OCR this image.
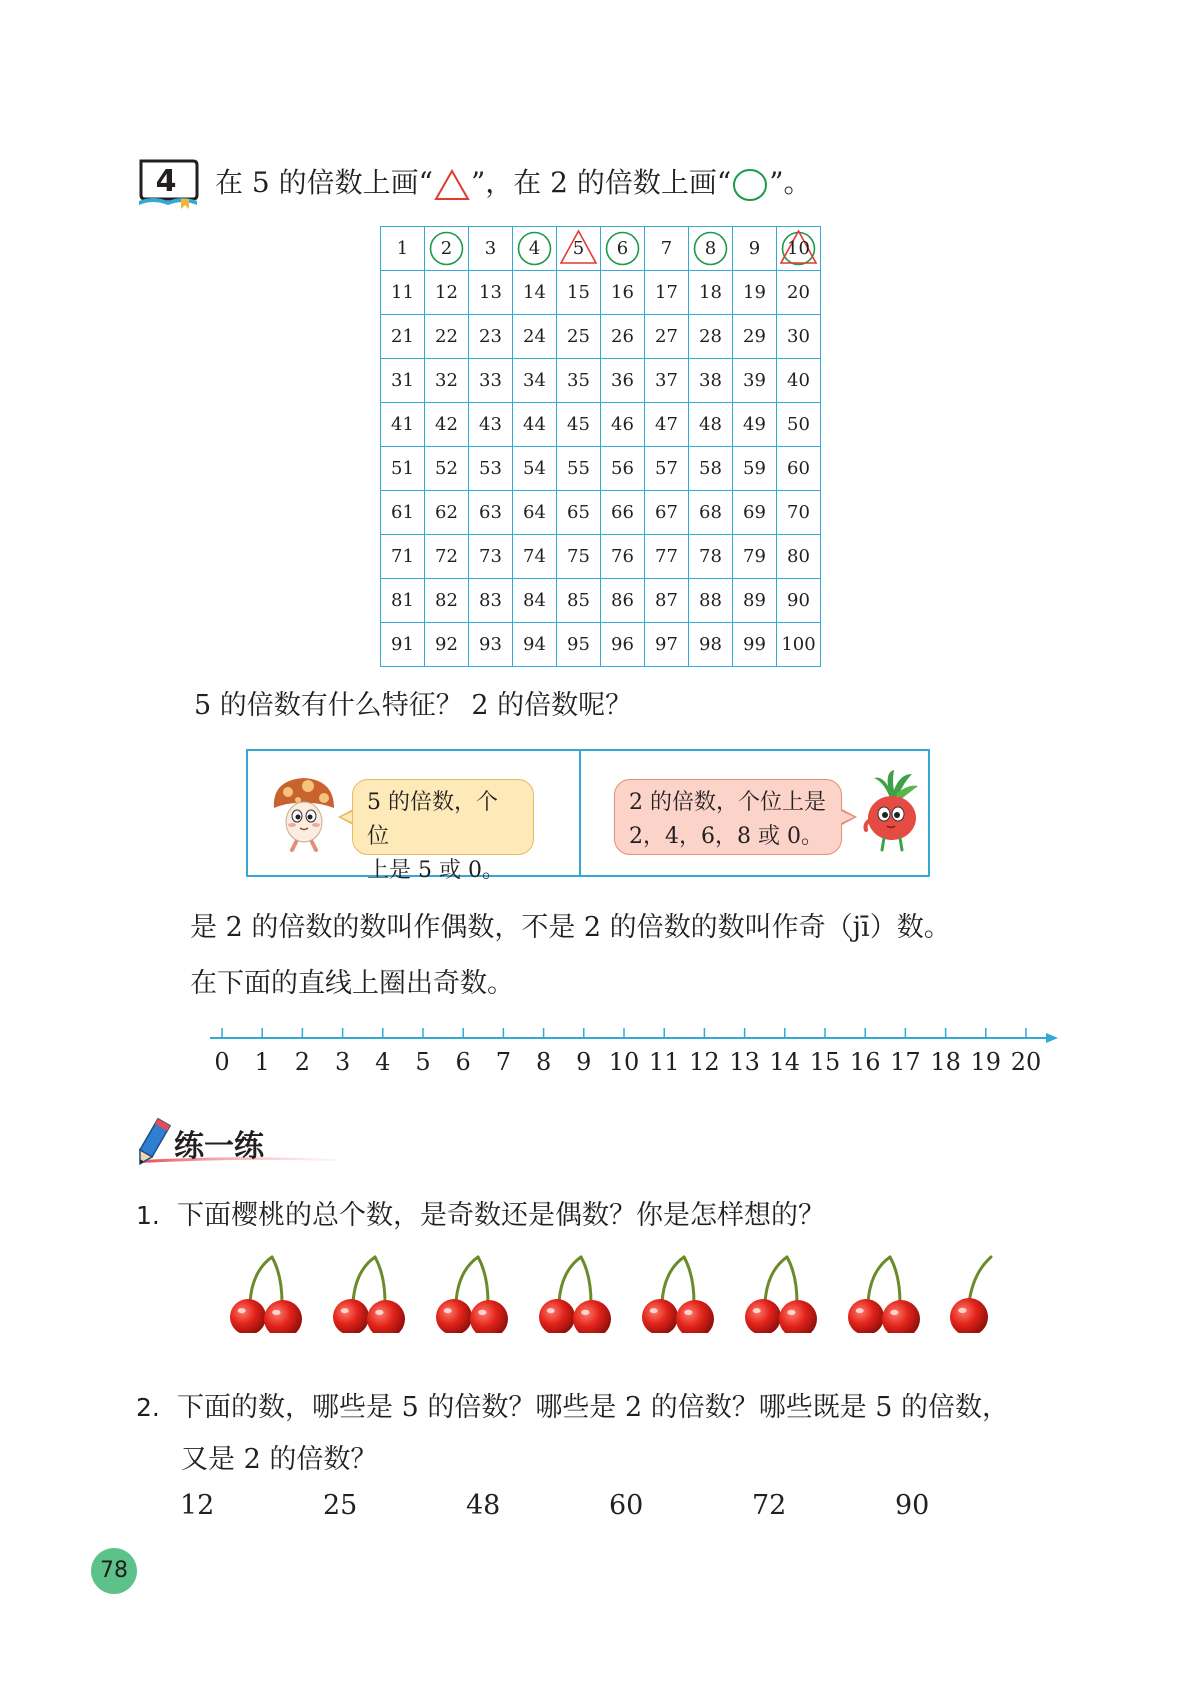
4 在 5 的倍数上画“ ”，在 2 的倍数上画“ ”。
1	2	3	4	5	6	7	8	9	10
11	12	13	14	15	16	17	18	19	20
21	22	23	24	25	26	27	28	29	30
31	32	33	34	35	36	37	38	39	40
41	42	43	44	45	46	47	48	49	50
51	52	53	54	55	56	57	58	59	60
61	62	63	64	65	66	67	68	69	70
71	72	73	74	75	76	77	78	79	80
81	82	83	84	85	86	87	88	89	90
91	92	93	94	95	96	97	98	99	100
5 的倍数有什么特征？ 2 的倍数呢？
5 的倍数，个位
上是 5 或 0。
2 的倍数，个位上是
2，4，6，8 或 0。
是 2 的倍数的数叫作偶数，不是 2 的倍数的数叫作奇（jī）数。
在下面的直线上圈出奇数。
0 1 2 3 4 5 6 7 8 9 10 11 12 13 14 15 16 17 18 19 20
练一练
1. 下面樱桃的总个数，是奇数还是偶数？你是怎样想的？
2. 下面的数，哪些是 5 的倍数？哪些是 2 的倍数？哪些既是 5 的倍数，
又是 2 的倍数？
12	25	48	60	72	90
78
